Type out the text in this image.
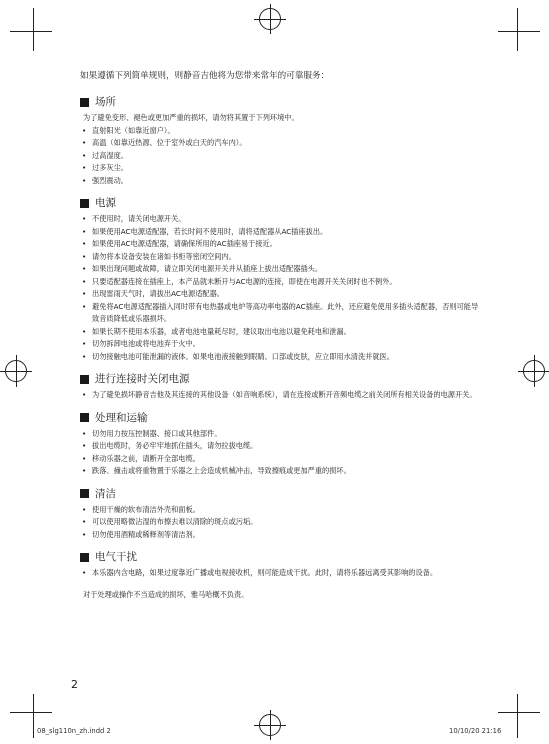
如果遵循下列简单规则，则静音吉他将为您带来常年的可靠服务：

场所

为了避免变形、褪色或更加严重的损坏，请勿将其置于下列环境中。

• 直射阳光（如靠近窗户）。
• 高温（如靠近热源、位于室外或白天的汽车内）。
• 过高湿度。
• 过多灰尘。
• 强烈震动。
电源
• 不使用时，请关闭电源开关。
• 如果使用AC电源适配器，若长时间不使用时，请将适配器从AC插座拔出。
• 如果使用AC电源适配器，请确保所用的AC插座易于接近。
• 请勿将本设备安装在诸如书柜等密闭空间内。
• 如果出现问题或故障，请立即关闭电源开关并从插座上拔出适配器插头。
• 只要适配器连接在插座上，本产品就未断开与AC电源的连接，即使在电源开关关闭时也不例外。
• 出现雷雨天气时，请拔出AC电源适配器。
• 避免将AC电源适配器插入同时带有电热器或电炉等高功率电器的AC插座。此外，还应避免使用多插头适配器，否则可能导致音质降低或乐器损坏。
• 如果长期不使用本乐器，或者电池电量耗尽时，建议取出电池以避免耗电和泄漏。
• 切勿拆卸电池或将电池弃于火中。
• 切勿接触电池可能泄漏的液体。如果电池液接触到眼睛、口部或皮肤，应立即用水清洗并就医。
进行连接时关闭电源
• 为了避免损坏静音吉他及其连接的其他设备（如音响系统），请在连接或断开音频电缆之前关闭所有相关设备的电源开关。
处理和运输
• 切勿用力按压控制器、接口或其他部件。
• 拔出电缆时，务必牢牢地抓住插头，请勿拉拔电缆。
• 移动乐器之前，请断开全部电缆。
• 跌落、撞击或将重物置于乐器之上会造成机械冲击，导致擦痕或更加严重的损坏。
清洁
• 使用干燥的软布清洁外壳和面板。
• 可以使用略微沾湿的布擦去难以清除的斑点或污垢。
• 切勿使用酒精或稀释剂等清洁剂。
电气干扰
• 本乐器内含电路，如果过度靠近广播或电视接收机，则可能造成干扰。此时，请将乐器远离受其影响的设备。

对于处理或操作不当造成的损坏，雅马哈概不负责。

2
08_slg110n_zh.indd 2	10/10/20 21:16
